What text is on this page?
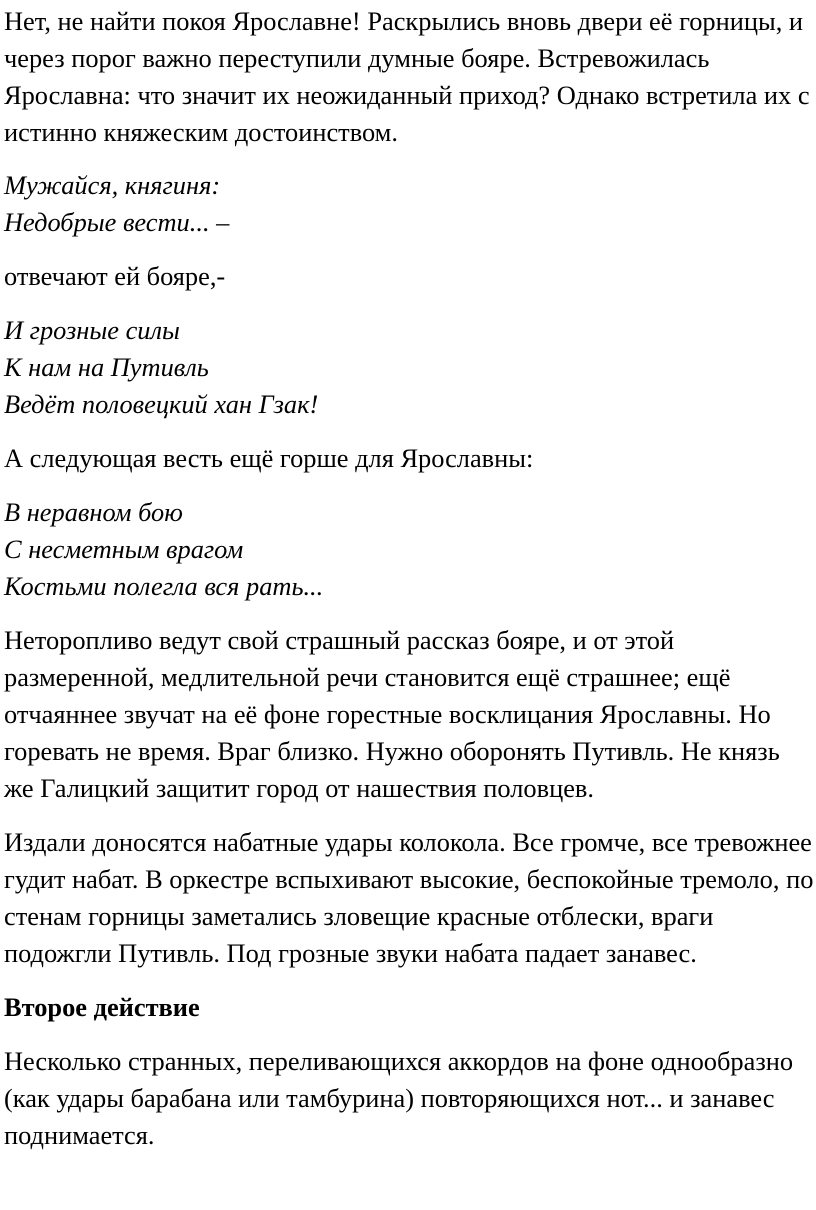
Нет, не найти покоя Ярославне! Раскрылись вновь двери её горницы, и через порог важно переступили думные бояре. Встревожилась Ярославна: что значит их неожиданный приход? Однако встретила их с истинно княжеским достоинством.

Мужайся, княгиня:
Недобрые вести... –

отвечают ей бояре,-

И грозные силы
К нам на Путивль
Ведёт половецкий хан Гзак!

А следующая весть ещё горше для Ярославны:

В неравном бою
С несметным врагом
Костьми полегла вся рать...

Неторопливо ведут свой страшный рассказ бояре, и от этой размеренной, медлительной речи становится ещё страшнее; ещё отчаяннее звучат на её фоне горестные восклицания Ярославны. Но горевать не время. Враг близко. Нужно оборонять Путивль. Не князь же Галицкий защитит город от нашествия половцев.

Издали доносятся набатные удары колокола. Все громче, все тревожнее гудит набат. В оркестре вспыхивают высокие, беспокойные тремоло, по стенам горницы заметались зловещие красные отблески, враги подожгли Путивль. Под грозные звуки набата падает занавес.

Второе действие

Несколько странных, переливающихся аккордов на фоне однообразно (как удары барабана или тамбурина) повторяющихся нот... и занавес поднимается.
